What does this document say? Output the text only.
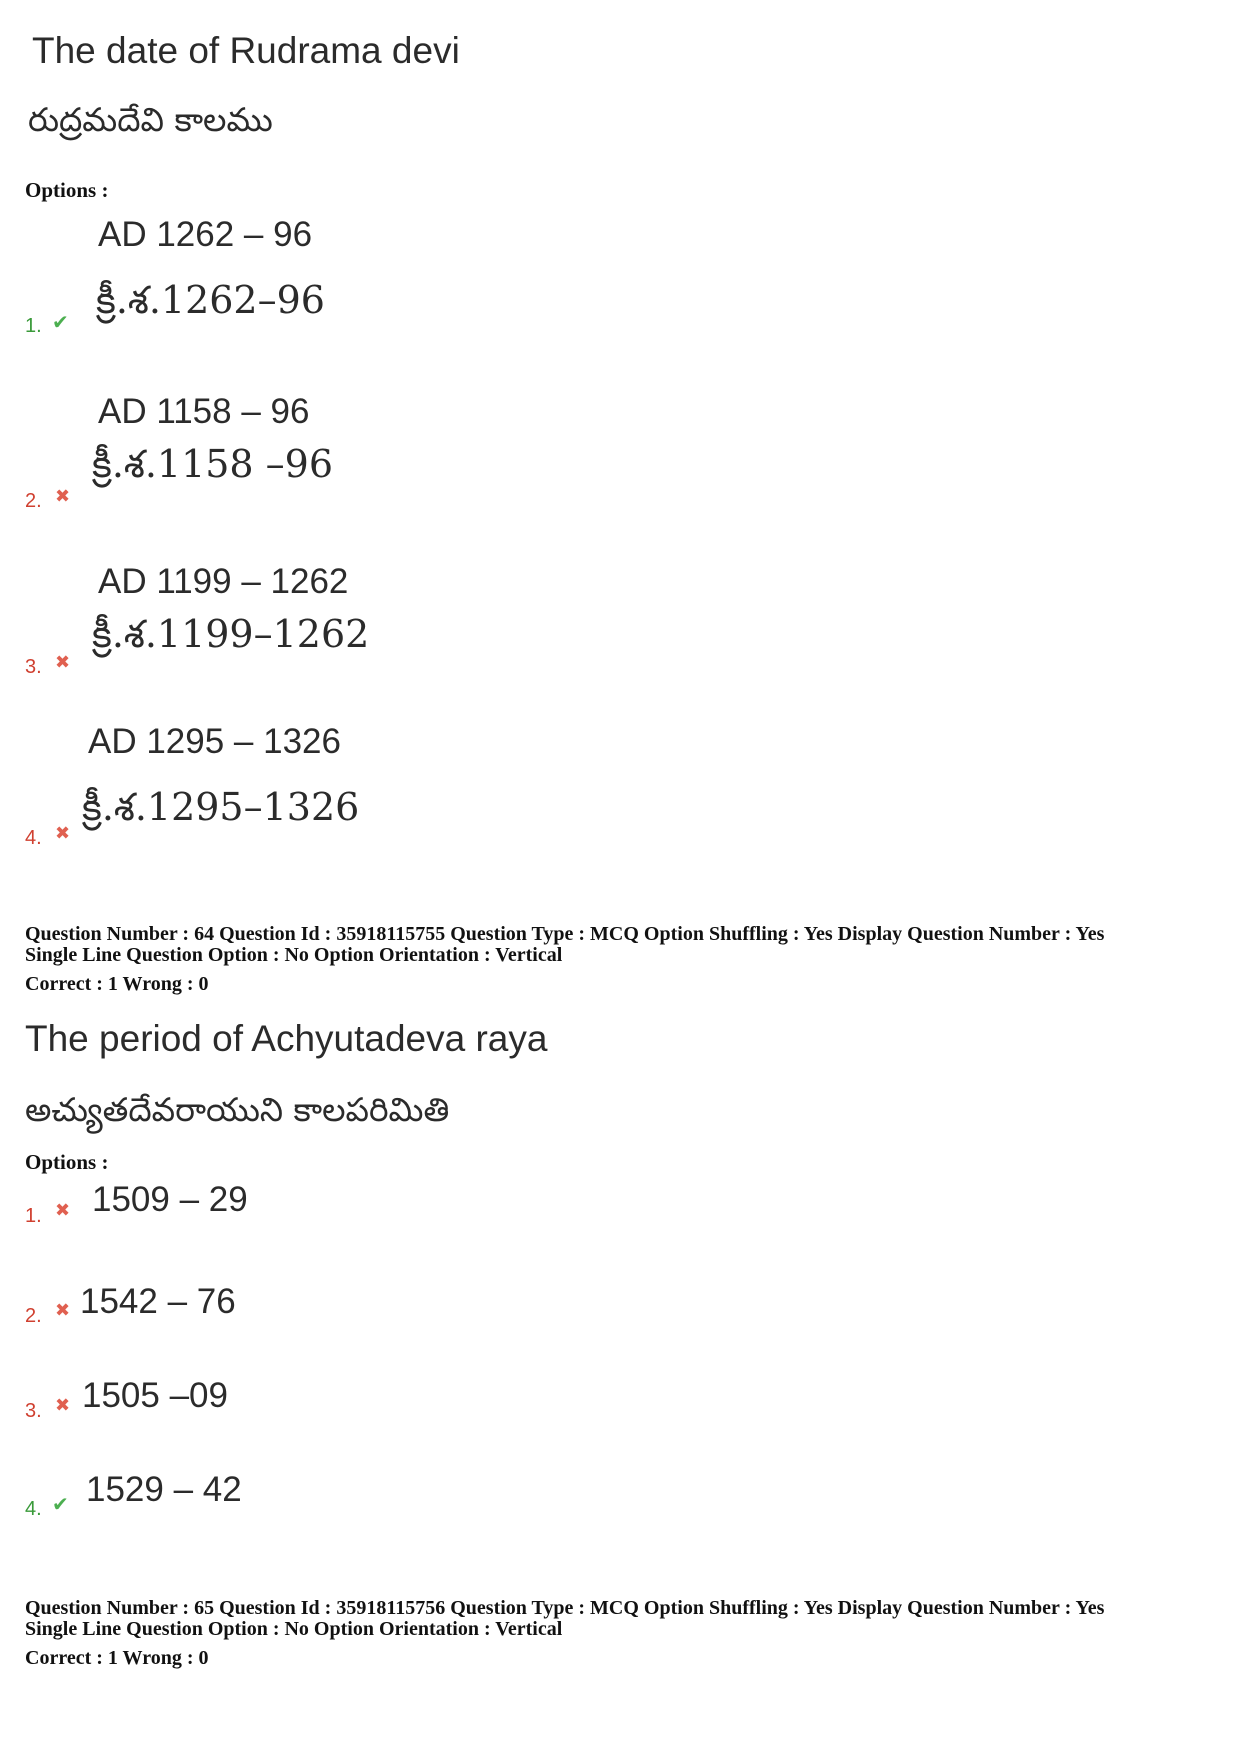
The date of Rudrama devi
రుద్రమదేవి కాలము
Options :
AD 1262 – 96
క్రీ.శ.1262–96
1. ✔
AD 1158 – 96
క్రీ.శ.1158 –96
2. ✖
AD 1199 – 1262
క్రీ.శ.1199–1262
3. ✖
AD 1295 – 1326
క్రీ.శ.1295–1326
4. ✖
Question Number : 64 Question Id : 35918115755 Question Type : MCQ Option Shuffling : Yes Display Question Number : Yes
Single Line Question Option : No Option Orientation : Vertical
Correct : 1 Wrong : 0
The period of Achyutadeva raya
అచ్యుతదేవరాయుని కాలపరిమితి
Options :
1509 – 29
1. ✖
1542 – 76
2. ✖
1505 –09
3. ✖
1529 – 42
4. ✔
Question Number : 65 Question Id : 35918115756 Question Type : MCQ Option Shuffling : Yes Display Question Number : Yes
Single Line Question Option : No Option Orientation : Vertical
Correct : 1 Wrong : 0
